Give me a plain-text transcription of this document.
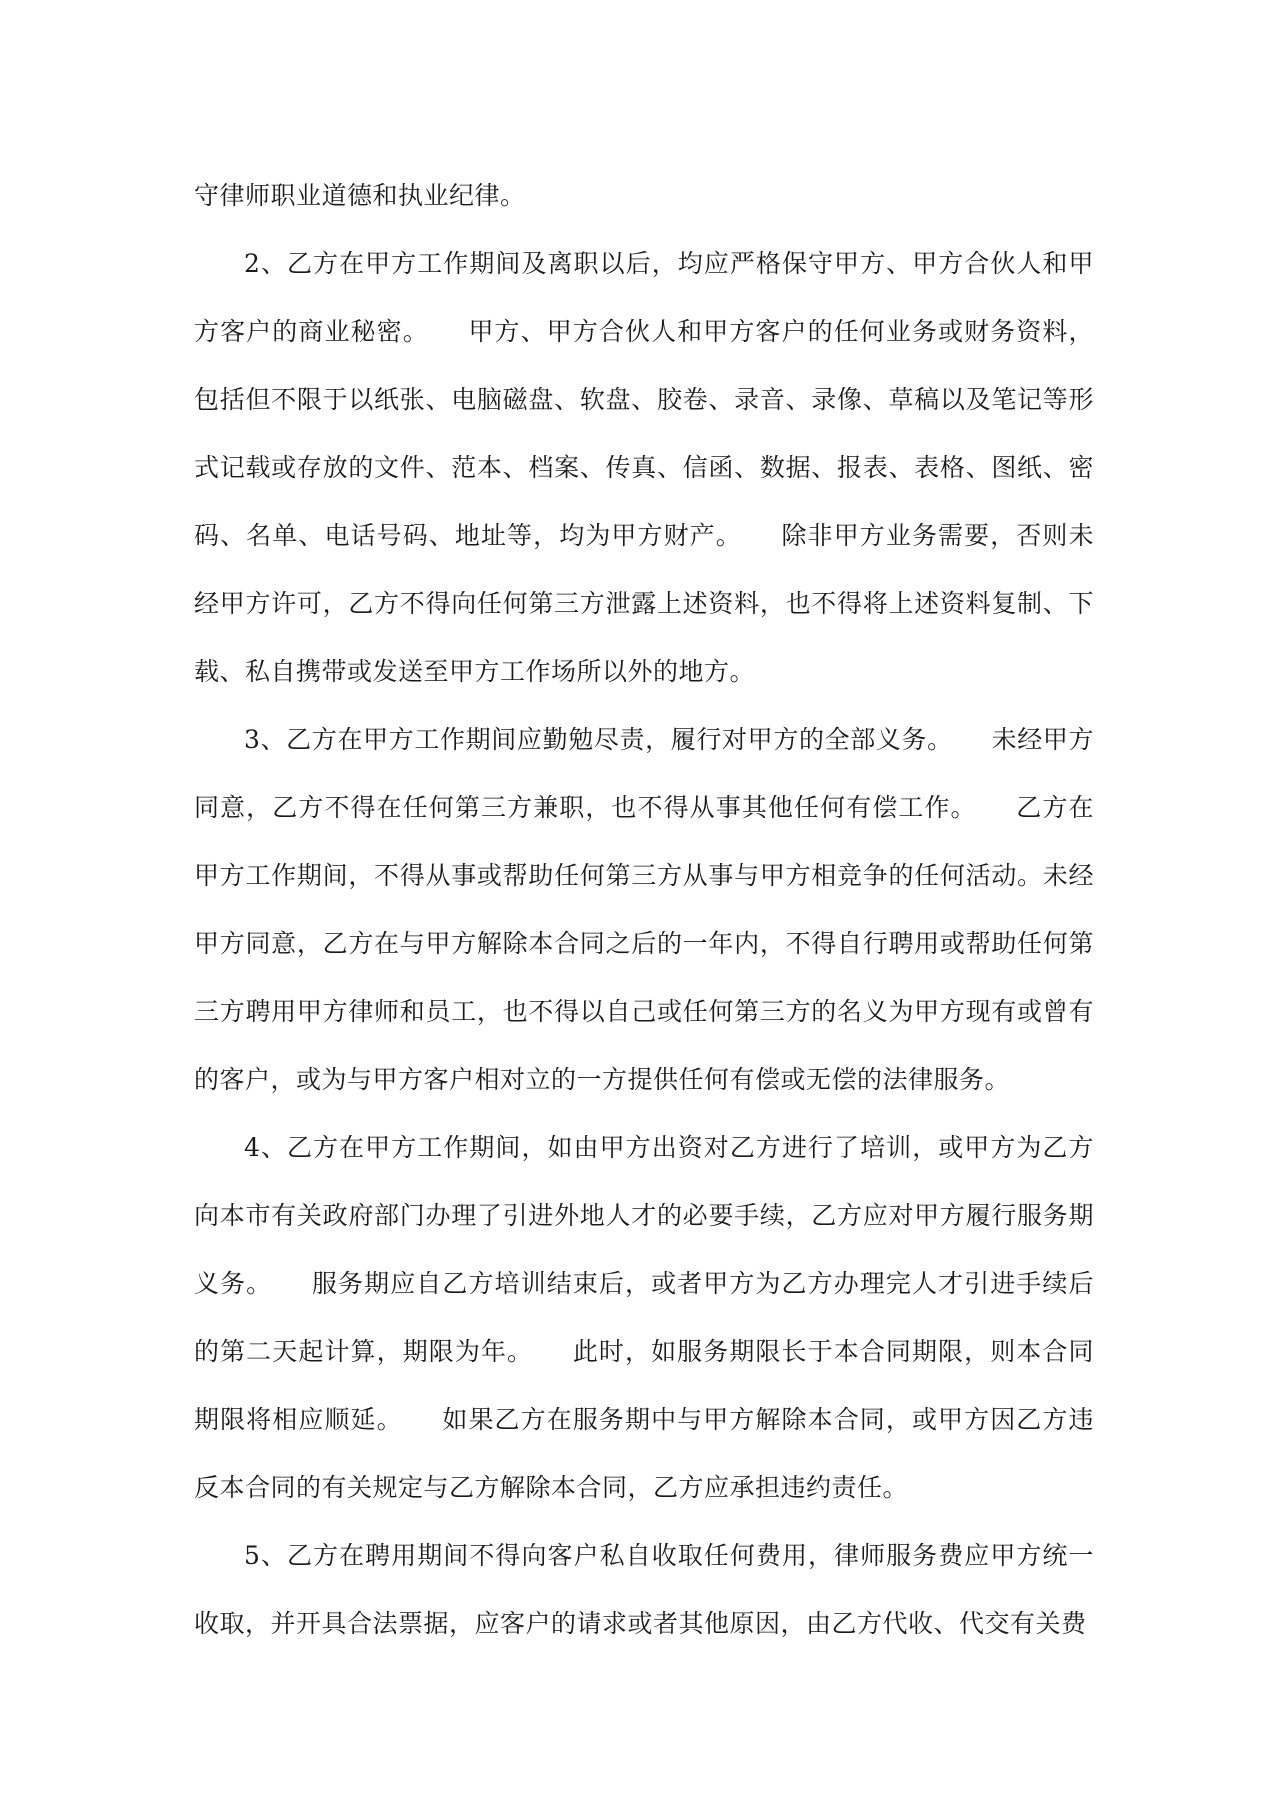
守律师职业道德和执业纪律。

2、乙方在甲方工作期间及离职以后，均应严格保守甲方、甲方合伙人和甲方客户的商业秘密。　　甲方、甲方合伙人和甲方客户的任何业务或财务资料，包括但不限于以纸张、电脑磁盘、软盘、胶卷、录音、录像、草稿以及笔记等形式记载或存放的文件、范本、档案、传真、信函、数据、报表、表格、图纸、密码、名单、电话号码、地址等，均为甲方财产。　　除非甲方业务需要，否则未经甲方许可，乙方不得向任何第三方泄露上述资料，也不得将上述资料复制、下载、私自携带或发送至甲方工作场所以外的地方。

3、乙方在甲方工作期间应勤勉尽责，履行对甲方的全部义务。　　未经甲方同意，乙方不得在任何第三方兼职，也不得从事其他任何有偿工作。　　乙方在甲方工作期间，不得从事或帮助任何第三方从事与甲方相竞争的任何活动。未经甲方同意，乙方在与甲方解除本合同之后的一年内，不得自行聘用或帮助任何第三方聘用甲方律师和员工，也不得以自己或任何第三方的名义为甲方现有或曾有的客户，或为与甲方客户相对立的一方提供任何有偿或无偿的法律服务。

4、乙方在甲方工作期间，如由甲方出资对乙方进行了培训，或甲方为乙方向本市有关政府部门办理了引进外地人才的必要手续，乙方应对甲方履行服务期义务。　　服务期应自乙方培训结束后，或者甲方为乙方办理完人才引进手续后的第二天起计算，期限为年。　　此时，如服务期限长于本合同期限，则本合同期限将相应顺延。　　如果乙方在服务期中与甲方解除本合同，或甲方因乙方违反本合同的有关规定与乙方解除本合同，乙方应承担违约责任。

5、乙方在聘用期间不得向客户私自收取任何费用，律师服务费应甲方统一收取，并开具合法票据，应客户的请求或者其他原因，由乙方代收、代交有关费
